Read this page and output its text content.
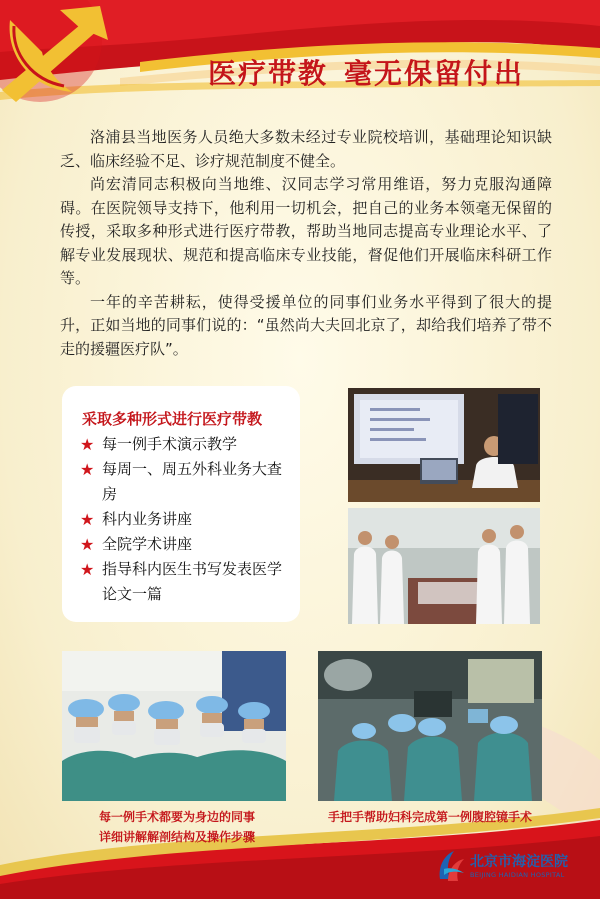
医疗带教 毫无保留付出

洛浦县当地医务人员绝大多数未经过专业院校培训，基础理论知识缺乏、临床经验不足、诊疗规范制度不健全。

尚宏清同志积极向当地维、汉同志学习常用维语，努力克服沟通障碍。在医院领导支持下，他利用一切机会，把自己的业务本领毫无保留的传授，采取多种形式进行医疗带教，帮助当地同志提高专业理论水平、了解专业发展现状、规范和提高临床专业技能，督促他们开展临床科研工作等。

一年的辛苦耕耘，使得受援单位的同事们业务水平得到了很大的提升，正如当地的同事们说的：“虽然尚大夫回北京了，却给我们培养了带不走的援疆医疗队”。

采取多种形式进行医疗带教
★ 每一例手术演示教学
★ 每周一、周五外科业务大查房
★ 科内业务讲座
★ 全院学术讲座
★ 指导科内医生书写发表医学论文一篇
每一例手术都要为身边的同事
详细讲解解剖结构及操作步骤
手把手帮助妇科完成第一例腹腔镜手术
北京市海淀医院
BEIJING HAIDIAN HOSPITAL
